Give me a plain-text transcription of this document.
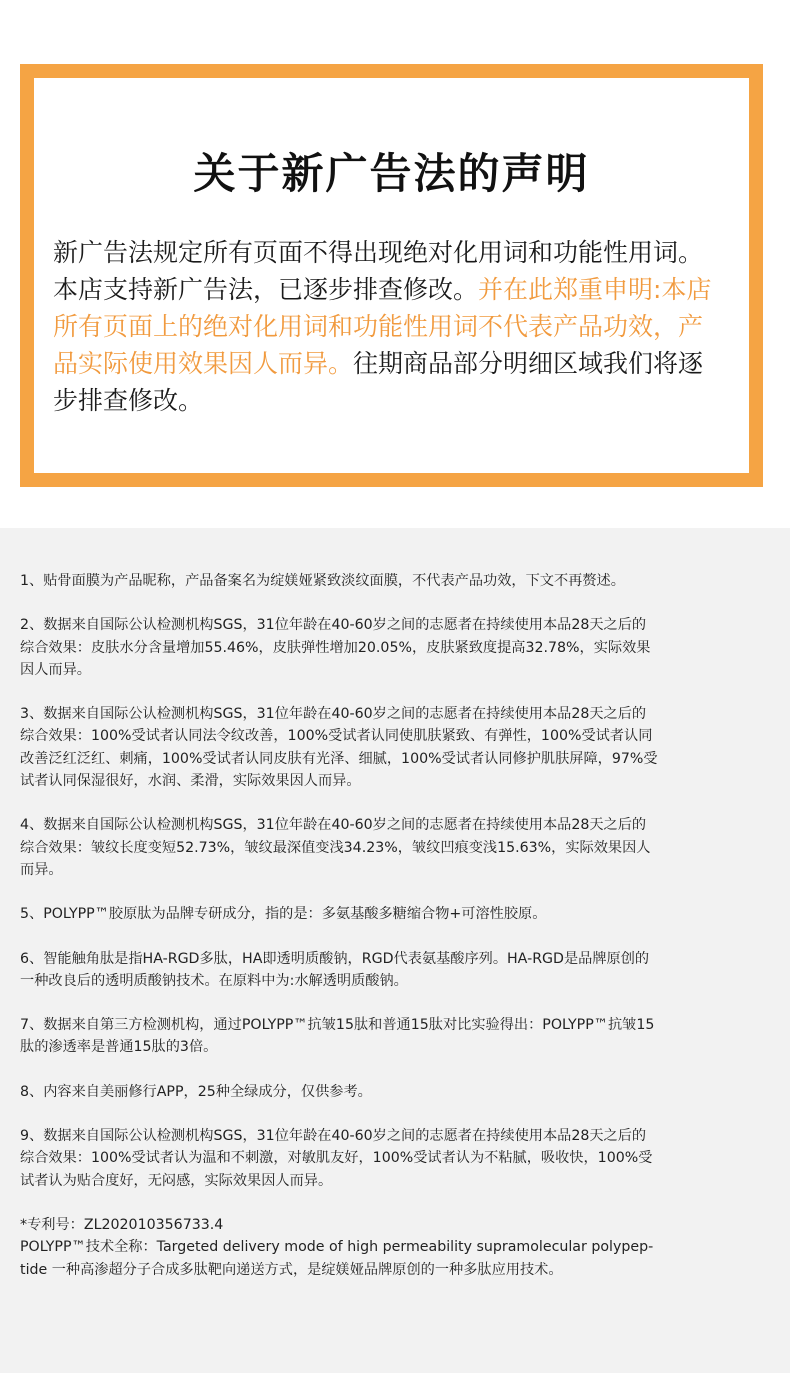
关于新广告法的声明
新广告法规定所有页面不得出现绝对化用词和功能性用词。
本店支持新广告法，已逐步排查修改。并在此郑重申明:本店
所有页面上的绝对化用词和功能性用词不代表产品功效，产
品实际使用效果因人而异。往期商品部分明细区域我们将逐
步排查修改。
1、贴骨面膜为产品昵称，产品备案名为绽媄娅紧致淡纹面膜，不代表产品功效，下文不再赘述。
2、数据来自国际公认检测机构SGS，31位年龄在40-60岁之间的志愿者在持续使用本品28天之后的
综合效果：皮肤水分含量增加55.46%，皮肤弹性增加20.05%，皮肤紧致度提高32.78%，实际效果
因人而异。
3、数据来自国际公认检测机构SGS，31位年龄在40-60岁之间的志愿者在持续使用本品28天之后的
综合效果：100%受试者认同法令纹改善，100%受试者认同使肌肤紧致、有弹性，100%受试者认同
改善泛红泛红、刺痛，100%受试者认同皮肤有光泽、细腻，100%受试者认同修护肌肤屏障，97%受
试者认同保湿很好，水润、柔滑，实际效果因人而异。
4、数据来自国际公认检测机构SGS，31位年龄在40-60岁之间的志愿者在持续使用本品28天之后的
综合效果：皱纹长度变短52.73%，皱纹最深值变浅34.23%，皱纹凹痕变浅15.63%，实际效果因人
而异。
5、POLYPP™胶原肽为品牌专研成分，指的是：多氨基酸多糖缩合物+可溶性胶原。
6、智能触角肽是指HA-RGD多肽，HA即透明质酸钠，RGD代表氨基酸序列。HA-RGD是品牌原创的
一种改良后的透明质酸钠技术。在原料中为:水解透明质酸钠。
7、数据来自第三方检测机构，通过POLYPP™抗皱15肽和普通15肽对比实验得出：POLYPP™抗皱15
肽的渗透率是普通15肽的3倍。
8、内容来自美丽修行APP，25种全绿成分，仅供参考。
9、数据来自国际公认检测机构SGS，31位年龄在40-60岁之间的志愿者在持续使用本品28天之后的
综合效果：100%受试者认为温和不刺激，对敏肌友好，100%受试者认为不粘腻，吸收快，100%受
试者认为贴合度好，无闷感，实际效果因人而异。
*专利号：ZL202010356733.4
POLYPP™技术全称：Targeted delivery mode of high permeability supramolecular polypep-
tide 一种高渗超分子合成多肽靶向递送方式，是绽媄娅品牌原创的一种多肽应用技术。
